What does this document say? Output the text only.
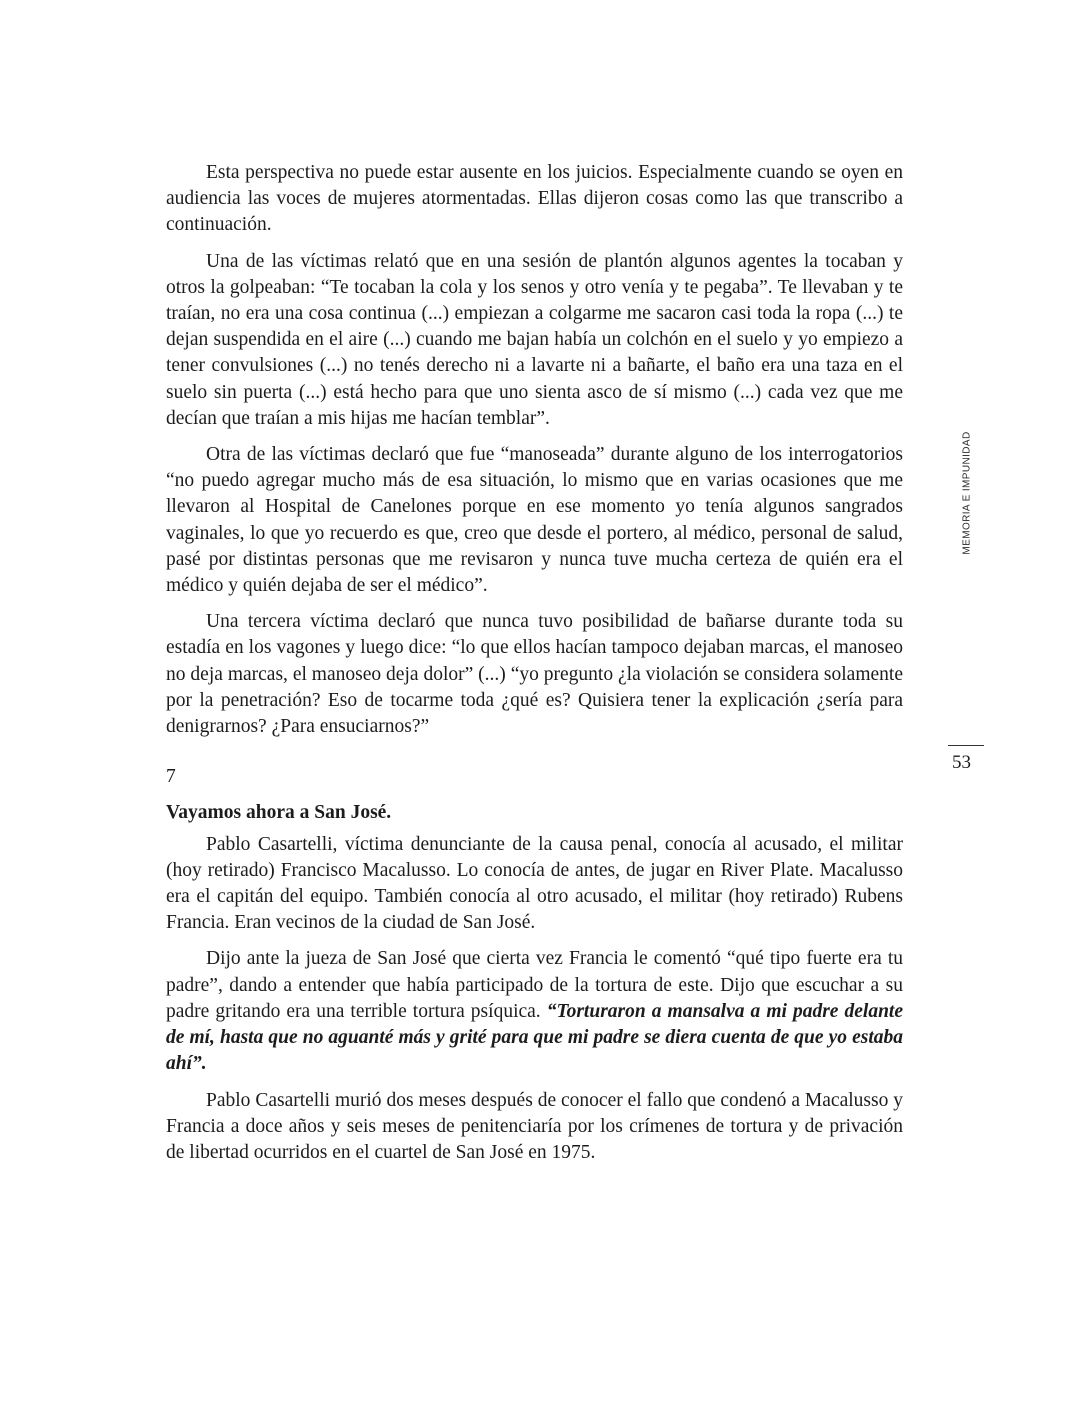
Esta perspectiva no puede estar ausente en los juicios. Especialmente cuando se oyen en audiencia las voces de mujeres atormentadas. Ellas dijeron cosas como las que transcribo a continuación.

Una de las víctimas relató que en una sesión de plantón algunos agentes la tocaban y otros la golpeaban: “Te tocaban la cola y los senos y otro venía y te pegaba”. Te llevaban y te traían, no era una cosa continua (...) empiezan a colgarme me sacaron casi toda la ropa (...) te dejan suspendida en el aire (...) cuando me bajan había un colchón en el suelo y yo empiezo a tener convulsiones (...) no tenés derecho ni a lavarte ni a bañarte, el baño era una taza en el suelo sin puerta (...) está hecho para que uno sienta asco de sí mismo (...) cada vez que me decían que traían a mis hijas me hacían temblar”.

Otra de las víctimas declaró que fue “manoseada” durante alguno de los interrogatorios “no puedo agregar mucho más de esa situación, lo mismo que en varias ocasiones que me llevaron al Hospital de Canelones porque en ese momento yo tenía algunos sangrados vaginales, lo que yo recuerdo es que, creo que desde el portero, al médico, personal de salud, pasé por distintas personas que me revisaron y nunca tuve mucha certeza de quién era el médico y quién dejaba de ser el médico”.

Una tercera víctima declaró que nunca tuvo posibilidad de bañarse durante toda su estadía en los vagones y luego dice: “lo que ellos hacían tampoco dejaban marcas, el manoseo no deja marcas, el manoseo deja dolor” (...) “yo pregunto ¿la violación se considera solamente por la penetración? Eso de tocarme toda ¿qué es? Quisiera tener la explicación ¿sería para denigrarnos? ¿Para ensuciarnos?”

7

Vayamos ahora a San José.

Pablo Casartelli, víctima denunciante de la causa penal, conocía al acusado, el militar (hoy retirado) Francisco Macalusso. Lo conocía de antes, de jugar en River Plate. Macalusso era el capitán del equipo. También conocía al otro acusado, el militar (hoy retirado) Rubens Francia. Eran vecinos de la ciudad de San José.

Dijo ante la jueza de San José que cierta vez Francia le comentó “qué tipo fuerte era tu padre”, dando a entender que había participado de la tortura de este. Dijo que escuchar a su padre gritando era una terrible tortura psíquica. “Torturaron a mansalva a mi padre delante de mí, hasta que no aguanté más y grité para que mi padre se diera cuenta de que yo estaba ahí”.

Pablo Casartelli murió dos meses después de conocer el fallo que condenó a Macalusso y Francia a doce años y seis meses de penitenciaría por los crímenes de tortura y de privación de libertad ocurridos en el cuartel de San José en 1975.

MEMORIA E IMPUNIDAD
53
